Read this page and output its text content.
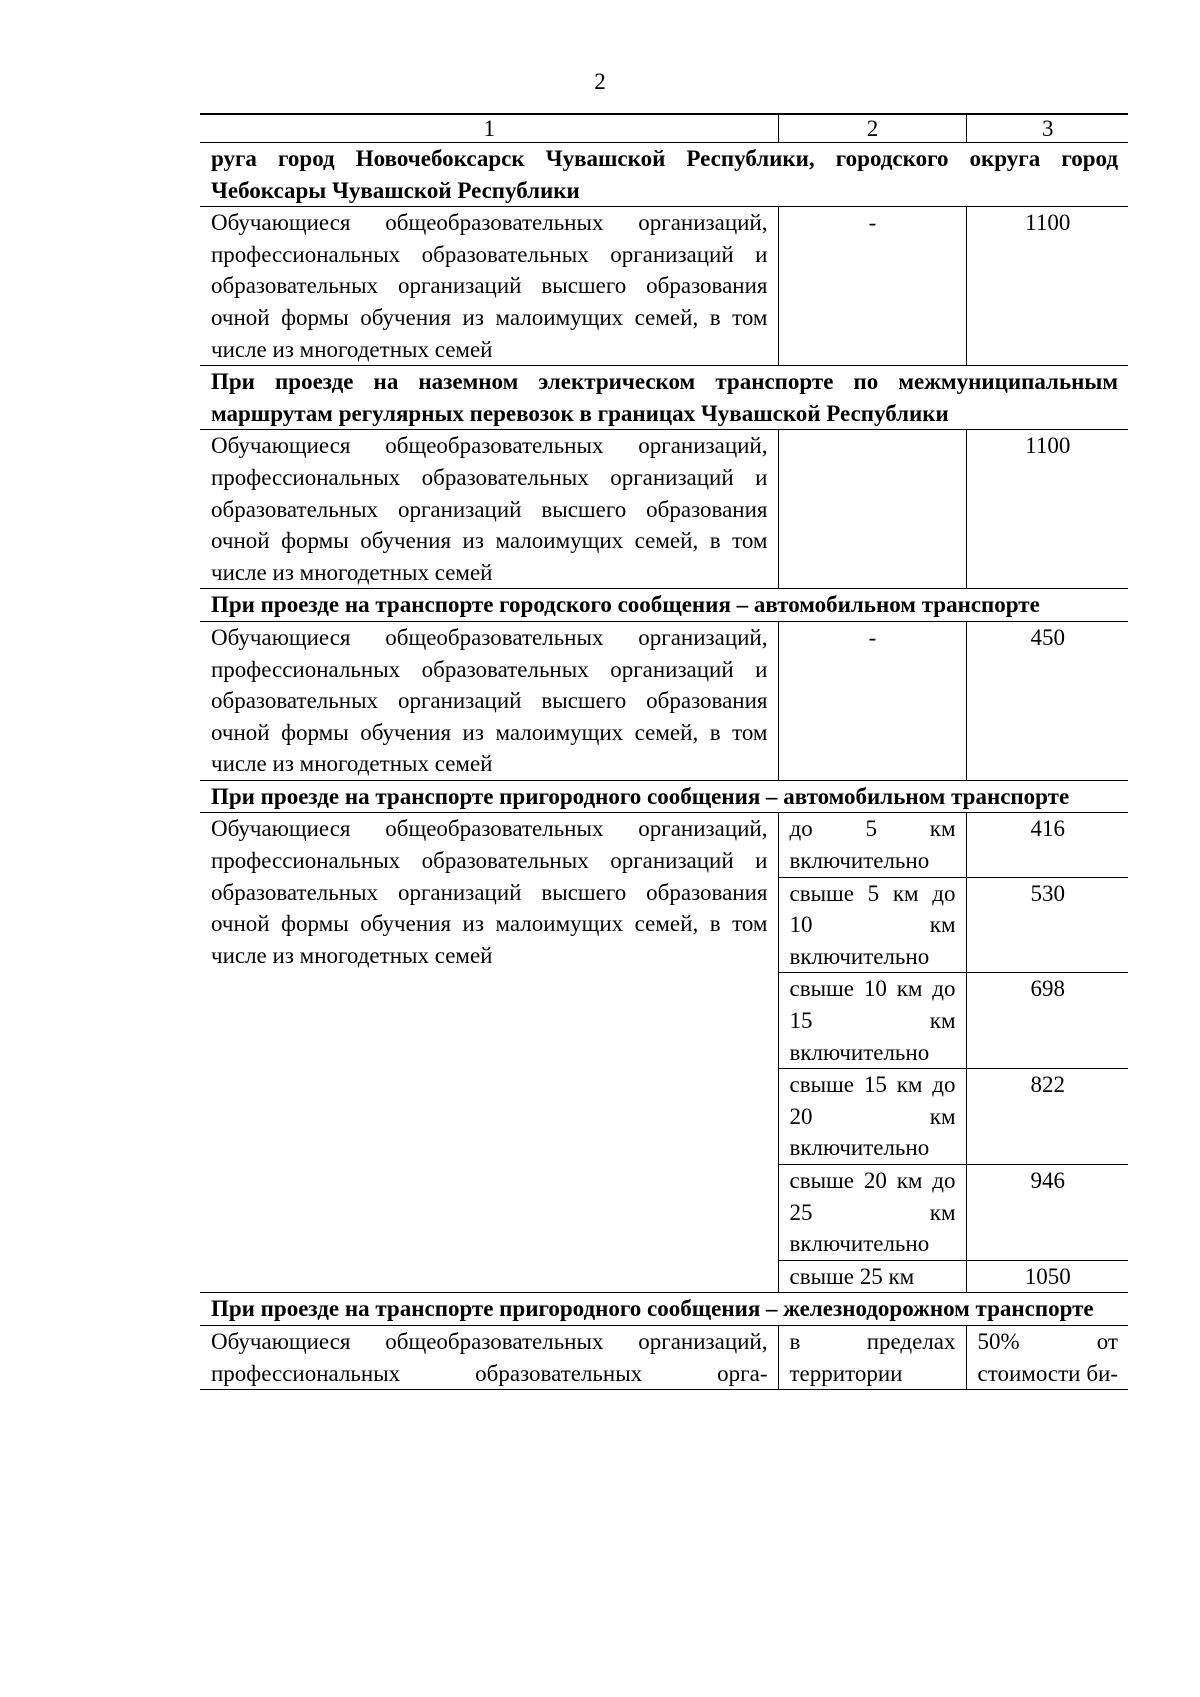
2
1	2	3
руга город Новочебоксарск Чувашской Республики, городского округа город Чебоксары Чувашской Республики		
Обучающиеся общеобразовательных организаций, профессиональных образовательных организаций и образовательных организаций высшего образования очной формы обучения из малоимущих семей, в том числе из многодетных семей	-	1100
При проезде на наземном электрическом транспорте по межмуниципальным маршрутам регулярных перевозок в границах Чувашской Республики		
Обучающиеся общеобразовательных организаций, профессиональных образовательных организаций и образовательных организаций высшего образования очной формы обучения из малоимущих семей, в том числе из многодетных семей		1100
При проезде на транспорте городского сообщения – автомобильном транспорте		
Обучающиеся общеобразовательных организаций, профессиональных образовательных организаций и образовательных организаций высшего образования очной формы обучения из малоимущих семей, в том числе из многодетных семей	-	450
При проезде на транспорте пригородного сообщения – автомобильном транспорте		
Обучающиеся общеобразовательных организаций, профессиональных образовательных организаций и образовательных организаций высшего образования очной формы обучения из малоимущих семей, в том числе из многодетных семей	до 5 км включительно	416
	свыше 5 км до 10 км включительно	530
	свыше 10 км до 15 км включительно	698
	свыше 15 км до 20 км включительно	822
	свыше 20 км до 25 км включительно	946
	свыше 25 км	1050
При проезде на транспорте пригородного сообщения – железнодорожном транспорте		
Обучающиеся общеобразовательных организаций, профессиональных образовательных орга-	в пределах территории	50% от стоимости би-
